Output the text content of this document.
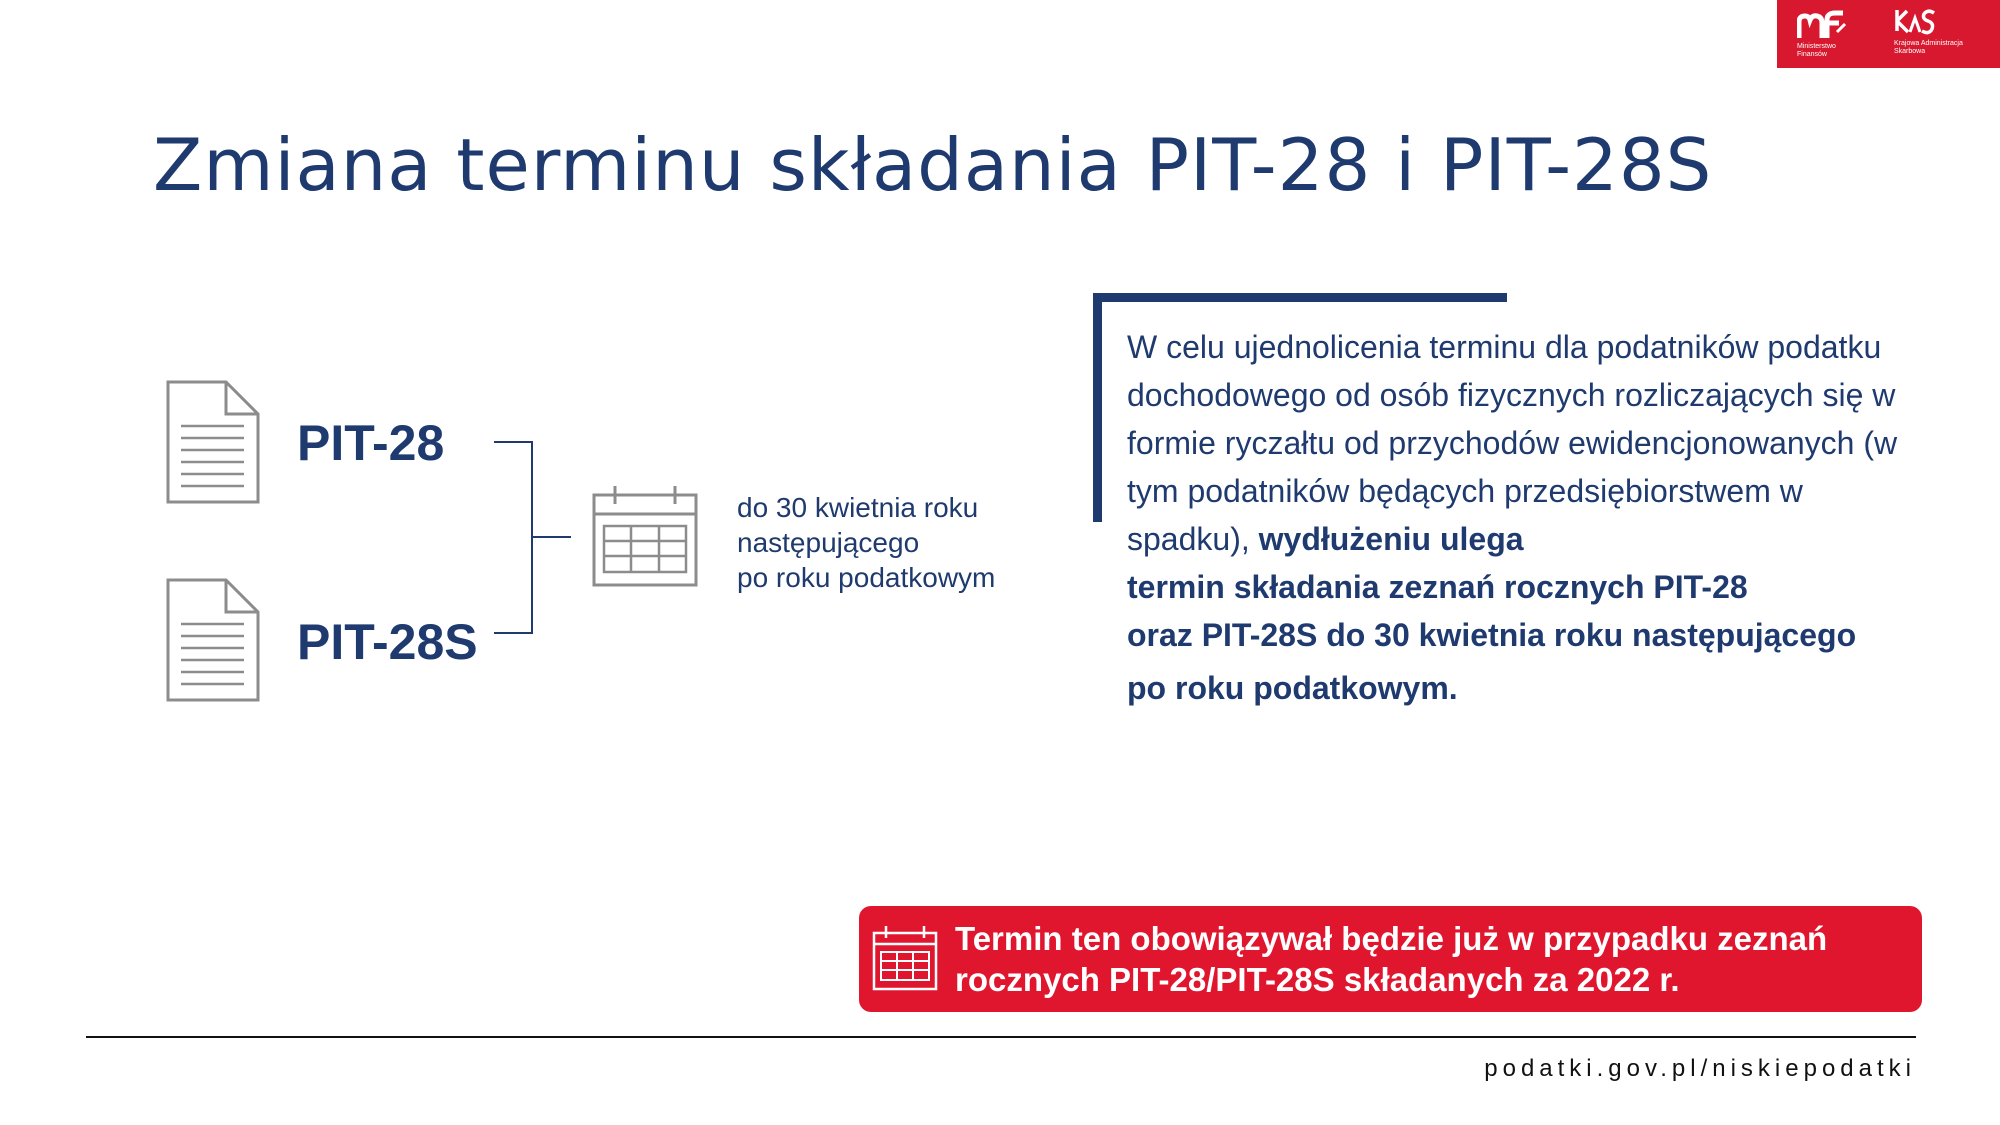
Ministerstwo
Finansów
Krajowa Administracja
Skarbowa
Zmiana terminu składania PIT-28 i PIT-28S
PIT-28
PIT-28S
do 30 kwietnia roku
następującego
po roku podatkowym
W celu ujednolicenia terminu dla podatników podatku dochodowego od osób fizycznych rozliczających się w formie ryczałtu od przychodów ewidencjonowanych (w tym podatników będących przedsiębiorstwem w spadku), wydłużeniu ulega
termin składania zeznań rocznych PIT-28
oraz PIT-28S do 30 kwietnia roku następującego
po roku podatkowym.
Termin ten obowiązywał będzie już w przypadku zeznań
rocznych PIT-28/PIT-28S składanych za 2022 r.
podatki.gov.pl/niskiepodatki
